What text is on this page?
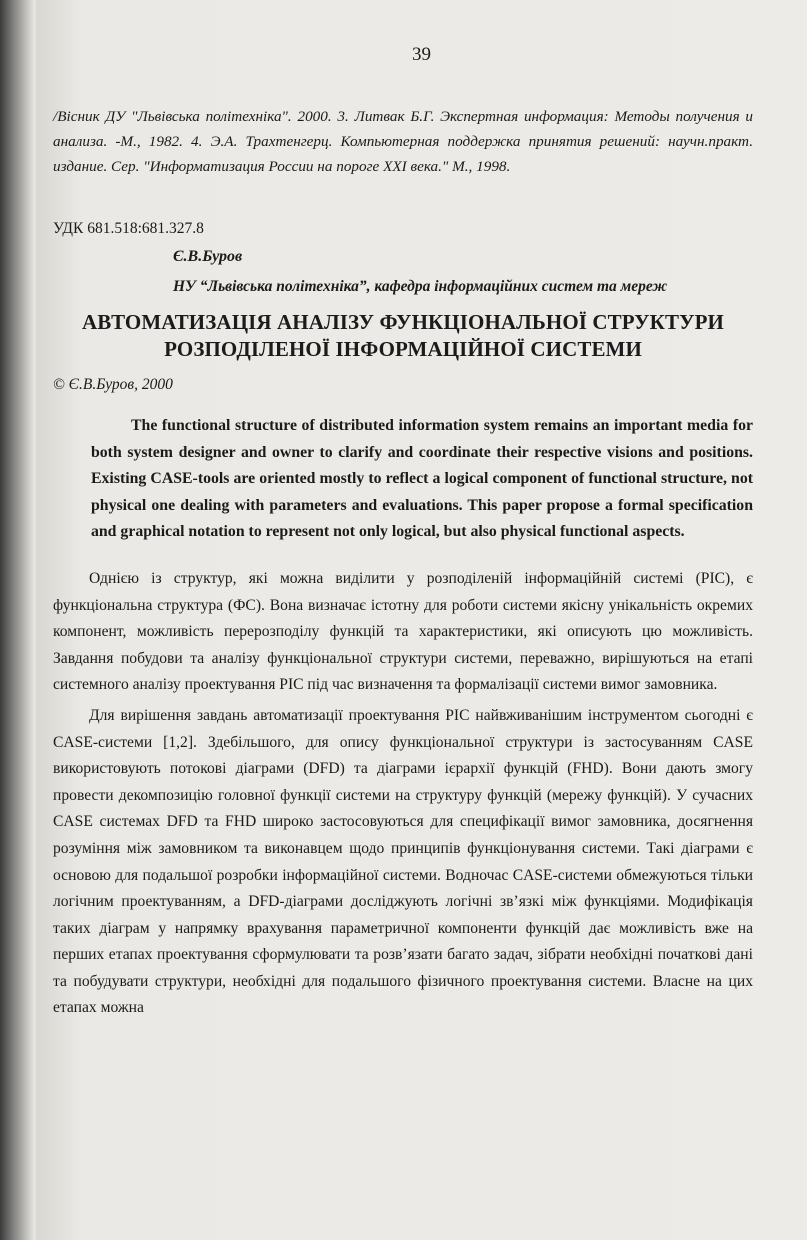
39

/Вісник ДУ "Львівська політехніка". 2000. 3. Литвак Б.Г. Экспертная информация: Методы получения и анализа. -М., 1982. 4. Э.А. Трахтенгерц. Компьютерная поддержка принятия решений: научн.практ. издание. Сер. "Информатизация России на пороге XXI века." М., 1998.

УДК 681.518:681.327.8
Є.В.Буров
НУ “Львівська політехніка”, кафедра інформаційних систем та мереж
АВТОМАТИЗАЦІЯ АНАЛІЗУ ФУНКЦІОНАЛЬНОЇ СТРУКТУРИ
РОЗПОДІЛЕНОЇ ІНФОРМАЦІЙНОЇ СИСТЕМИ
© Є.В.Буров, 2000

The functional structure of distributed information system remains an important media for both system designer and owner to clarify and coordinate their respective visions and positions. Existing CASE-tools are oriented mostly to reflect a logical component of functional structure, not physical one dealing with parameters and evaluations. This paper propose a formal specification and graphical notation to represent not only logical, but also physical functional aspects.

Однією із структур, які можна виділити у розподіленій інформаційній системі (РІС), є функціональна структура (ФС). Вона визначає істотну для роботи системи якісну унікальність окремих компонент, можливість перерозподілу функцій та характеристики, які описують цю можливість. Завдання побудови та аналізу функціональної структури системи, переважно, вирішуються на етапі системного аналізу проектування РІС під час визначення та формалізації системи вимог замовника.

Для вирішення завдань автоматизації проектування РІС найвживанішим інструментом сьогодні є CASE-системи [1,2]. Здебільшого, для опису функціональної структури із застосуванням CASE використовують потокові діаграми (DFD) та діаграми ієрархії функцій (FHD). Вони дають змогу провести декомпозицію головної функції системи на структуру функцій (мережу функцій). У сучасних CASE системах DFD та FHD широко застосовуються для специфікації вимог замовника, досягнення розуміння між замовником та виконавцем щодо принципів функціонування системи. Такі діаграми є основою для подальшої розробки інформаційної системи. Водночас CASE-системи обмежуються тільки логічним проектуванням, а DFD-діаграми досліджують логічні зв’язкі між функціями. Модифікація таких діаграм у напрямку врахування параметричної компоненти функцій дає можливість вже на перших етапах проектування сформулювати та розв’язати багато задач, зібрати необхідні початкові дані та побудувати структури, необхідні для подальшого фізичного проектування системи. Власне на цих етапах можна
